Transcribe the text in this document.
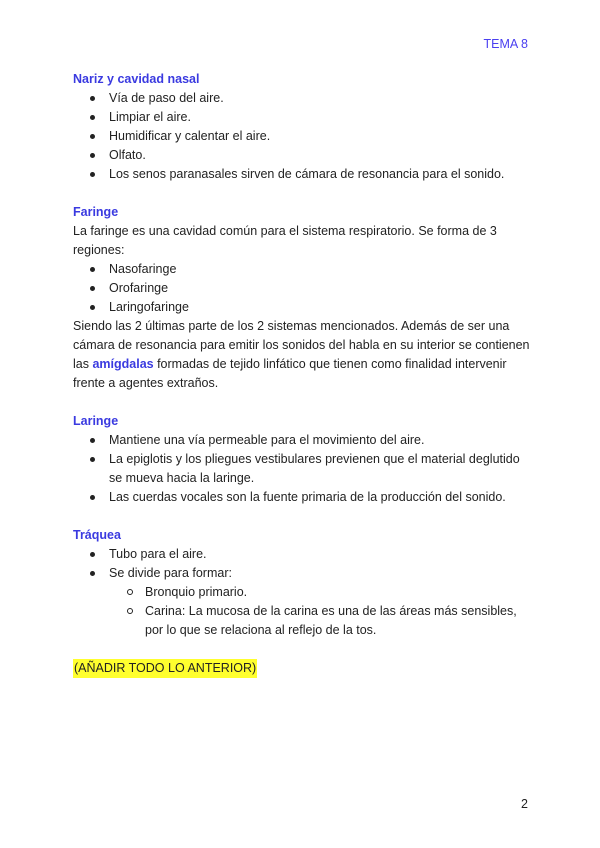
TEMA 8
Nariz y cavidad nasal
Vía de paso del aire.
Limpiar el aire.
Humidificar y calentar el aire.
Olfato.
Los senos paranasales sirven de cámara de resonancia para el sonido.
Faringe

La faringe es una cavidad común para el sistema respiratorio. Se forma de 3 regiones:

Nasofaringe
Orofaringe
Laringofaringe

Siendo las 2 últimas parte de los 2 sistemas mencionados. Además de ser una cámara de resonancia para emitir los sonidos del habla en su interior se contienen las amígdalas formadas de tejido linfático que tienen como finalidad intervenir frente a agentes extraños.

Laringe
Mantiene una vía permeable para el movimiento del aire.
La epiglotis y los pliegues vestibulares previenen que el material deglutido se mueva hacia la laringe.
Las cuerdas vocales son la fuente primaria de la producción del sonido.
Tráquea
Tubo para el aire.
Se divide para formar:
Bronquio primario.
Carina: La mucosa de la carina es una de las áreas más sensibles, por lo que se relaciona al reflejo de la tos.
(AÑADIR TODO LO ANTERIOR)
2
